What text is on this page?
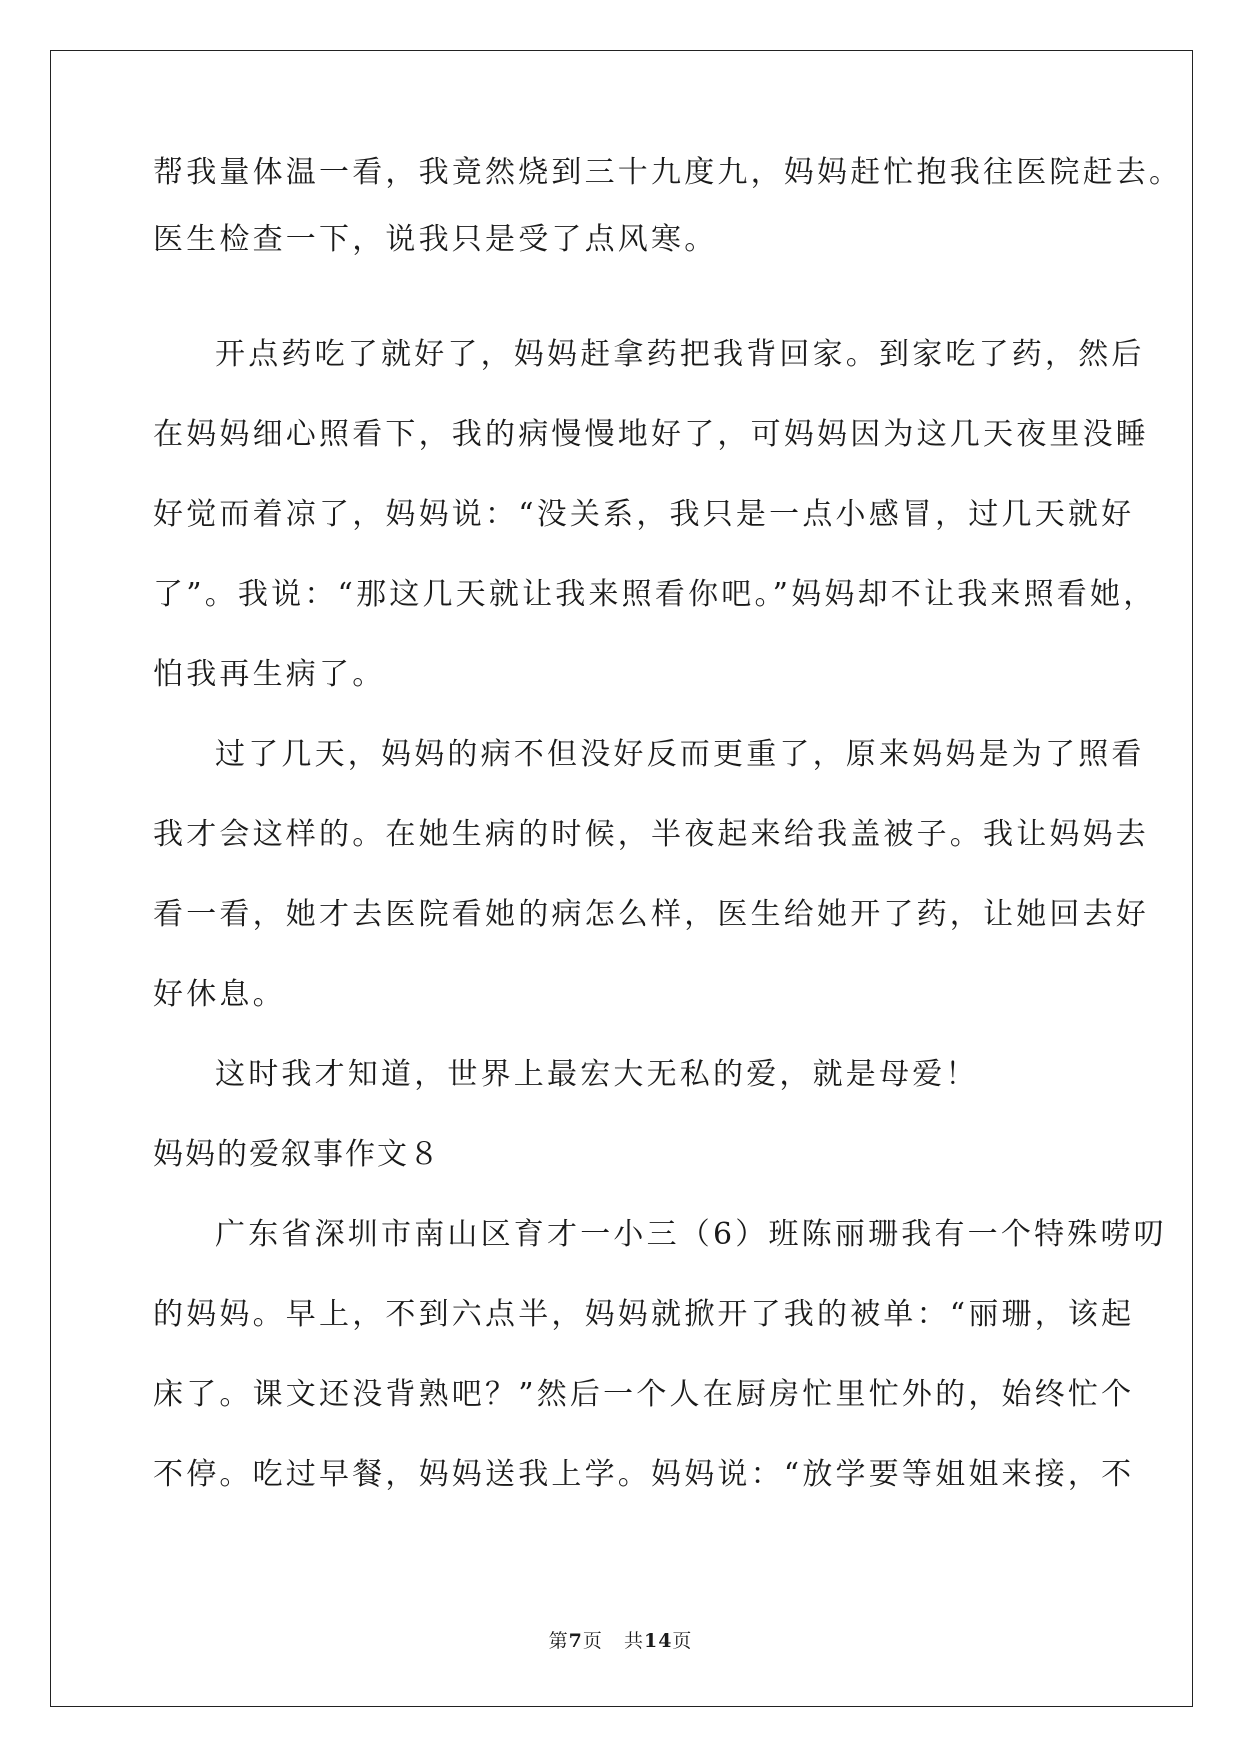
帮我量体温一看，我竟然烧到三十九度九，妈妈赶忙抱我往医院赶去。
医生检查一下，说我只是受了点风寒。
开点药吃了就好了，妈妈赶拿药把我背回家。到家吃了药，然后
在妈妈细心照看下，我的病慢慢地好了，可妈妈因为这几天夜里没睡
好觉而着凉了，妈妈说：“没关系，我只是一点小感冒，过几天就好
了”。我说：“那这几天就让我来照看你吧。”妈妈却不让我来照看她，
怕我再生病了。
过了几天，妈妈的病不但没好反而更重了，原来妈妈是为了照看
我才会这样的。在她生病的时候，半夜起来给我盖被子。我让妈妈去
看一看，她才去医院看她的病怎么样，医生给她开了药，让她回去好
好休息。
这时我才知道，世界上最宏大无私的爱，就是母爱！
妈妈的爱叙事作文８
广东省深圳市南山区育才一小三（6）班陈丽珊我有一个特殊唠叨
的妈妈。早上，不到六点半，妈妈就掀开了我的被单：“丽珊，该起
床了。课文还没背熟吧？”然后一个人在厨房忙里忙外的，始终忙个
不停。吃过早餐，妈妈送我上学。妈妈说：“放学要等姐姐来接，不
第7页 共14页
